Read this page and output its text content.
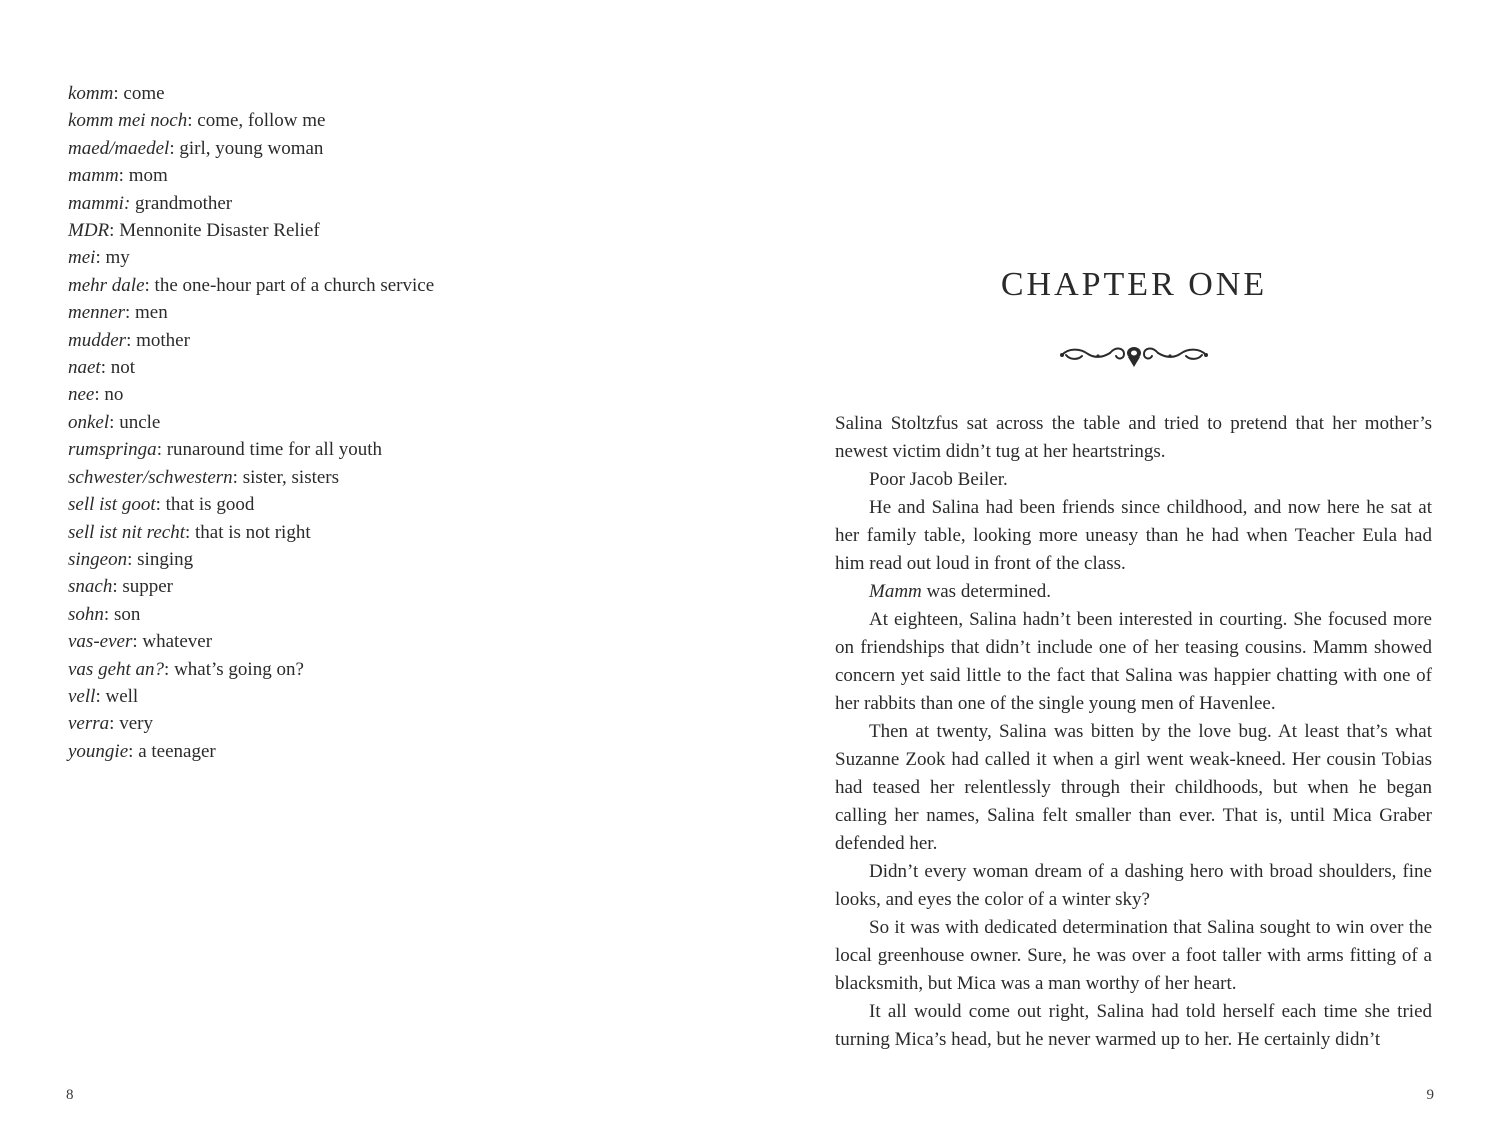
komm: come
komm mei noch: come, follow me
maed/maedel: girl, young woman
mamm: mom
mammi: grandmother
MDR: Mennonite Disaster Relief
mei: my
mehr dale: the one-hour part of a church service
menner: men
mudder: mother
naet: not
nee: no
onkel: uncle
rumspringa: runaround time for all youth
schwester/schwestern: sister, sisters
sell ist goot: that is good
sell ist nit recht: that is not right
singeon: singing
snach: supper
sohn: son
vas-ever: whatever
vas geht an?: what’s going on?
vell: well
verra: very
youngie: a teenager
8
CHAPTER ONE

Salina Stoltzfus sat across the table and tried to pretend that her mother’s newest victim didn’t tug at her heartstrings.

Poor Jacob Beiler.

He and Salina had been friends since childhood, and now here he sat at her family table, looking more uneasy than he had when Teacher Eula had him read out loud in front of the class.

Mamm was determined.

At eighteen, Salina hadn’t been interested in courting. She focused more on friendships that didn’t include one of her teasing cousins. Mamm showed concern yet said little to the fact that Salina was happier chatting with one of her rabbits than one of the single young men of Havenlee.

Then at twenty, Salina was bitten by the love bug. At least that’s what Suzanne Zook had called it when a girl went weak-kneed. Her cousin Tobias had teased her relentlessly through their childhoods, but when he began calling her names, Salina felt smaller than ever. That is, until Mica Graber defended her.

Didn’t every woman dream of a dashing hero with broad shoulders, fine looks, and eyes the color of a winter sky?

So it was with dedicated determination that Salina sought to win over the local greenhouse owner. Sure, he was over a foot taller with arms fitting of a blacksmith, but Mica was a man worthy of her heart.

It all would come out right, Salina had told herself each time she tried turning Mica’s head, but he never warmed up to her. He certainly didn’t

9
